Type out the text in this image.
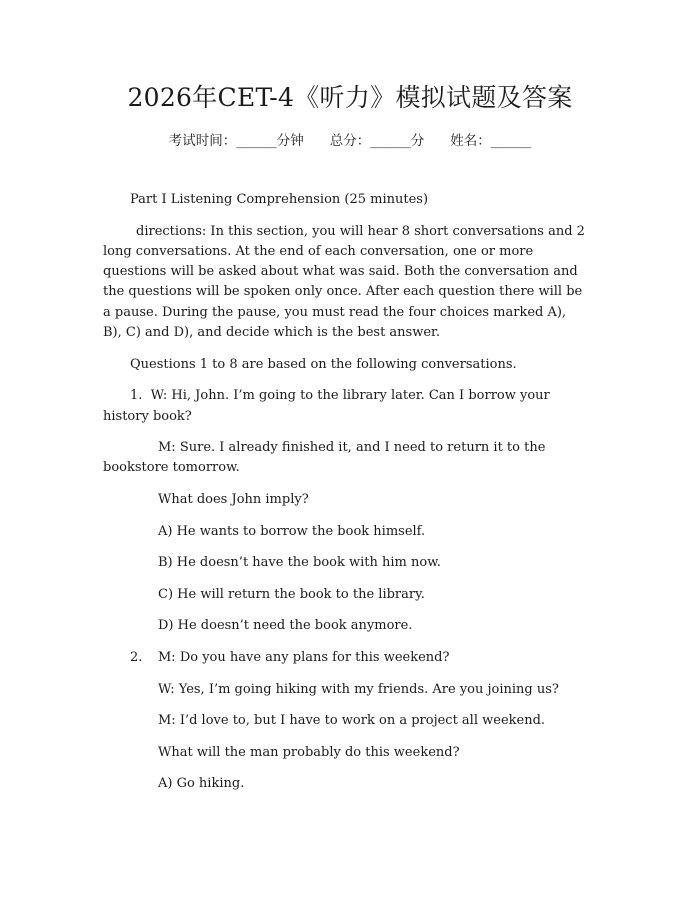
2026年CET-4《听力》模拟试题及答案
考试时间：______分钟 总分：______分 姓名：______

Part I Listening Comprehension (25 minutes)

directions: In this section, you will hear 8 short conversations and 2 long conversations. At the end of each conversation, one or more questions will be asked about what was said. Both the conversation and the questions will be spoken only once. After each question there will be a pause. During the pause, you must read the four choices marked A), B), C) and D), and decide which is the best answer.

Questions 1 to 8 are based on the following conversations.

1. W: Hi, John. I’m going to the library later. Can I borrow your history book?

M: Sure. I already finished it, and I need to return it to the bookstore tomorrow.

What does John imply?

A) He wants to borrow the book himself.

B) He doesn’t have the book with him now.

C) He will return the book to the library.

D) He doesn’t need the book anymore.

2.	M: Do you have any plans for this weekend?

W: Yes, I’m going hiking with my friends. Are you joining us?

M: I’d love to, but I have to work on a project all weekend.

What will the man probably do this weekend?

A) Go hiking.
